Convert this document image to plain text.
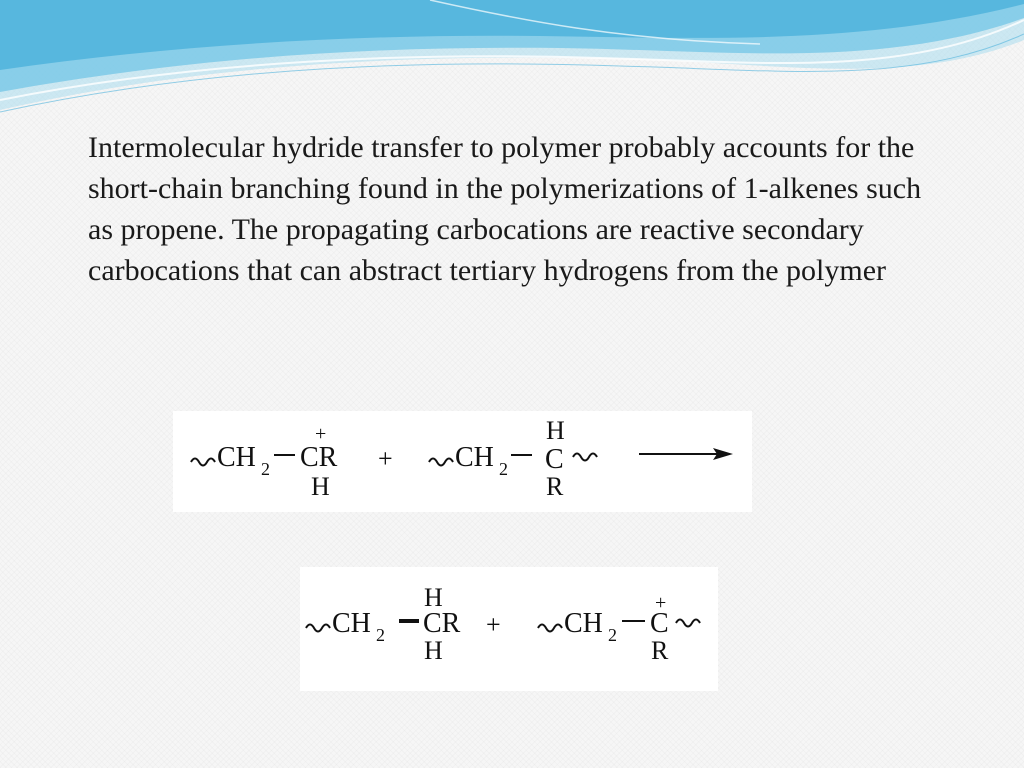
Intermolecular hydride transfer to polymer probably accounts for the short-chain branching found in the polymerizations of 1-alkenes such as propene. The propagating carbocations are reactive secondary carbocations that can abstract tertiary hydrogens from the polymer

CH 2 CR
+
H
+ CH 2
H
C
R
CH 2
H
CR
H
+ CH 2
+
C
R
